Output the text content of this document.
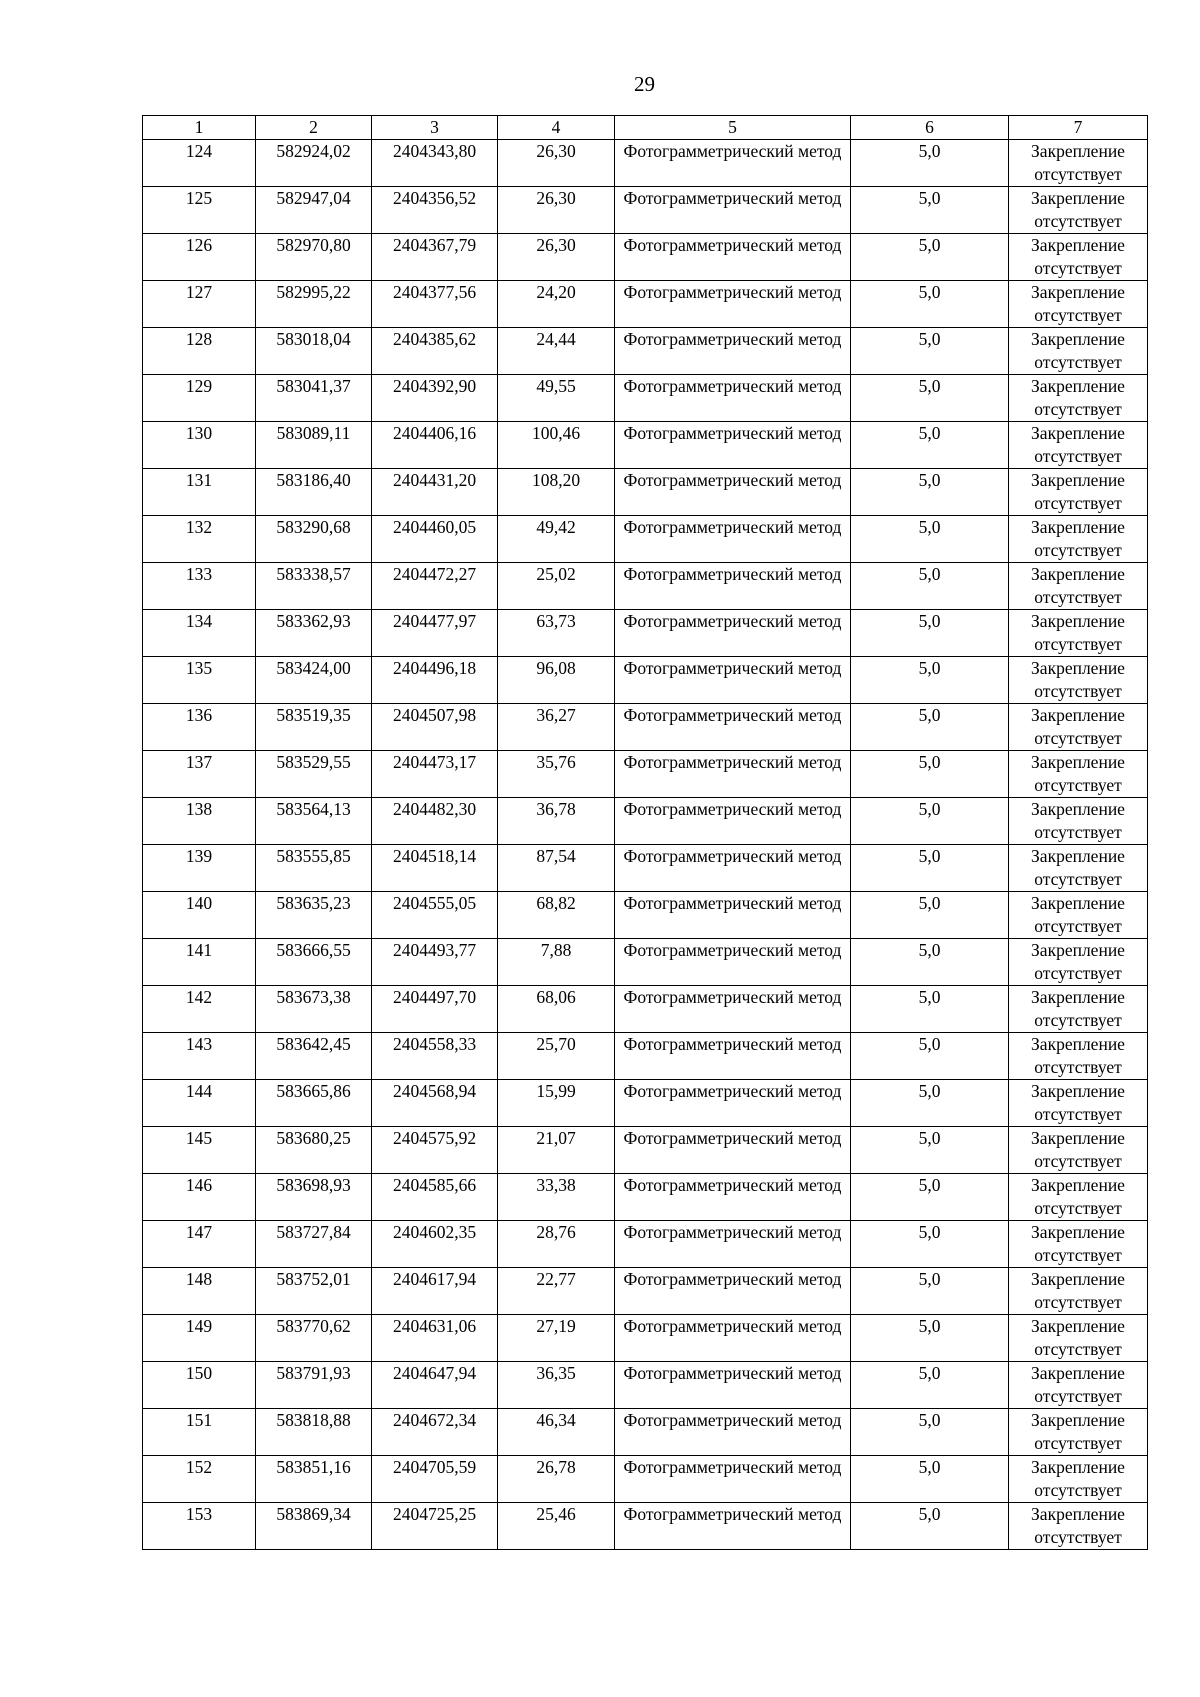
29
1	2	3	4	5	6	7
124	582924,02	2404343,80	26,30	Фотограмметрический метод	5,0	Закрепление отсутствует
125	582947,04	2404356,52	26,30	Фотограмметрический метод	5,0	Закрепление отсутствует
126	582970,80	2404367,79	26,30	Фотограмметрический метод	5,0	Закрепление отсутствует
127	582995,22	2404377,56	24,20	Фотограмметрический метод	5,0	Закрепление отсутствует
128	583018,04	2404385,62	24,44	Фотограмметрический метод	5,0	Закрепление отсутствует
129	583041,37	2404392,90	49,55	Фотограмметрический метод	5,0	Закрепление отсутствует
130	583089,11	2404406,16	100,46	Фотограмметрический метод	5,0	Закрепление отсутствует
131	583186,40	2404431,20	108,20	Фотограмметрический метод	5,0	Закрепление отсутствует
132	583290,68	2404460,05	49,42	Фотограмметрический метод	5,0	Закрепление отсутствует
133	583338,57	2404472,27	25,02	Фотограмметрический метод	5,0	Закрепление отсутствует
134	583362,93	2404477,97	63,73	Фотограмметрический метод	5,0	Закрепление отсутствует
135	583424,00	2404496,18	96,08	Фотограмметрический метод	5,0	Закрепление отсутствует
136	583519,35	2404507,98	36,27	Фотограмметрический метод	5,0	Закрепление отсутствует
137	583529,55	2404473,17	35,76	Фотограмметрический метод	5,0	Закрепление отсутствует
138	583564,13	2404482,30	36,78	Фотограмметрический метод	5,0	Закрепление отсутствует
139	583555,85	2404518,14	87,54	Фотограмметрический метод	5,0	Закрепление отсутствует
140	583635,23	2404555,05	68,82	Фотограмметрический метод	5,0	Закрепление отсутствует
141	583666,55	2404493,77	7,88	Фотограмметрический метод	5,0	Закрепление отсутствует
142	583673,38	2404497,70	68,06	Фотограмметрический метод	5,0	Закрепление отсутствует
143	583642,45	2404558,33	25,70	Фотограмметрический метод	5,0	Закрепление отсутствует
144	583665,86	2404568,94	15,99	Фотограмметрический метод	5,0	Закрепление отсутствует
145	583680,25	2404575,92	21,07	Фотограмметрический метод	5,0	Закрепление отсутствует
146	583698,93	2404585,66	33,38	Фотограмметрический метод	5,0	Закрепление отсутствует
147	583727,84	2404602,35	28,76	Фотограмметрический метод	5,0	Закрепление отсутствует
148	583752,01	2404617,94	22,77	Фотограмметрический метод	5,0	Закрепление отсутствует
149	583770,62	2404631,06	27,19	Фотограмметрический метод	5,0	Закрепление отсутствует
150	583791,93	2404647,94	36,35	Фотограмметрический метод	5,0	Закрепление отсутствует
151	583818,88	2404672,34	46,34	Фотограмметрический метод	5,0	Закрепление отсутствует
152	583851,16	2404705,59	26,78	Фотограмметрический метод	5,0	Закрепление отсутствует
153	583869,34	2404725,25	25,46	Фотограмметрический метод	5,0	Закрепление отсутствует
